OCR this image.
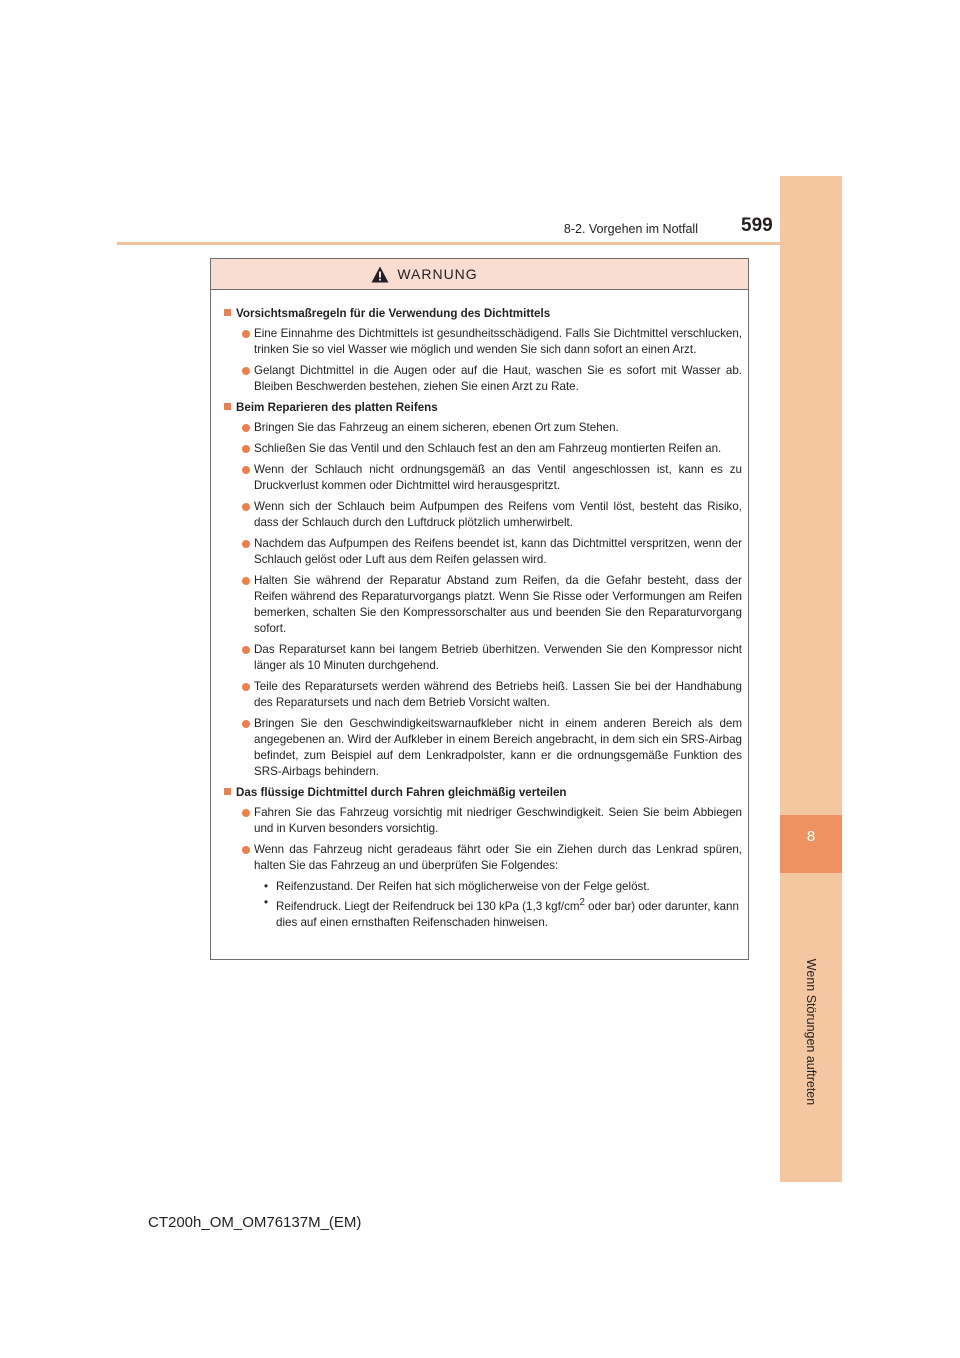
8
Wenn Störungen auftreten
8-2. Vorgehen im Notfall 599
WARNUNG
Vorsichtsmaßregeln für die Verwendung des Dichtmittels
Eine Einnahme des Dichtmittels ist gesundheitsschädigend. Falls Sie Dichtmittel verschlucken, trinken Sie so viel Wasser wie möglich und wenden Sie sich dann sofort an einen Arzt.
Gelangt Dichtmittel in die Augen oder auf die Haut, waschen Sie es sofort mit Wasser ab. Bleiben Beschwerden bestehen, ziehen Sie einen Arzt zu Rate.
Beim Reparieren des platten Reifens
Bringen Sie das Fahrzeug an einem sicheren, ebenen Ort zum Stehen.
Schließen Sie das Ventil und den Schlauch fest an den am Fahrzeug montierten Reifen an.
Wenn der Schlauch nicht ordnungsgemäß an das Ventil angeschlossen ist, kann es zu Druckverlust kommen oder Dichtmittel wird herausgespritzt.
Wenn sich der Schlauch beim Aufpumpen des Reifens vom Ventil löst, besteht das Risiko, dass der Schlauch durch den Luftdruck plötzlich umherwirbelt.
Nachdem das Aufpumpen des Reifens beendet ist, kann das Dichtmittel verspritzen, wenn der Schlauch gelöst oder Luft aus dem Reifen gelassen wird.
Halten Sie während der Reparatur Abstand zum Reifen, da die Gefahr besteht, dass der Reifen während des Reparaturvorgangs platzt. Wenn Sie Risse oder Verformungen am Reifen bemerken, schalten Sie den Kompressorschalter aus und beenden Sie den Reparaturvorgang sofort.
Das Reparaturset kann bei langem Betrieb überhitzen. Verwenden Sie den Kompressor nicht länger als 10 Minuten durchgehend.
Teile des Reparatursets werden während des Betriebs heiß. Lassen Sie bei der Handhabung des Reparatursets und nach dem Betrieb Vorsicht walten.
Bringen Sie den Geschwindigkeitswarnaufkleber nicht in einem anderen Bereich als dem angegebenen an. Wird der Aufkleber in einem Bereich angebracht, in dem sich ein SRS-Airbag befindet, zum Beispiel auf dem Lenkradpolster, kann er die ordnungsgemäße Funktion des SRS-Airbags behindern.
Das flüssige Dichtmittel durch Fahren gleichmäßig verteilen
Fahren Sie das Fahrzeug vorsichtig mit niedriger Geschwindigkeit. Seien Sie beim Abbiegen und in Kurven besonders vorsichtig.
Wenn das Fahrzeug nicht geradeaus fährt oder Sie ein Ziehen durch das Lenkrad spüren, halten Sie das Fahrzeug an und überprüfen Sie Folgendes:
• Reifenzustand. Der Reifen hat sich möglicherweise von der Felge gelöst.
• Reifendruck. Liegt der Reifendruck bei 130 kPa (1,3 kgf/$cm^2$ oder bar) oder darunter, kann dies auf einen ernsthaften Reifenschaden hinweisen.
CT200h_OM_OM76137M_(EM)
